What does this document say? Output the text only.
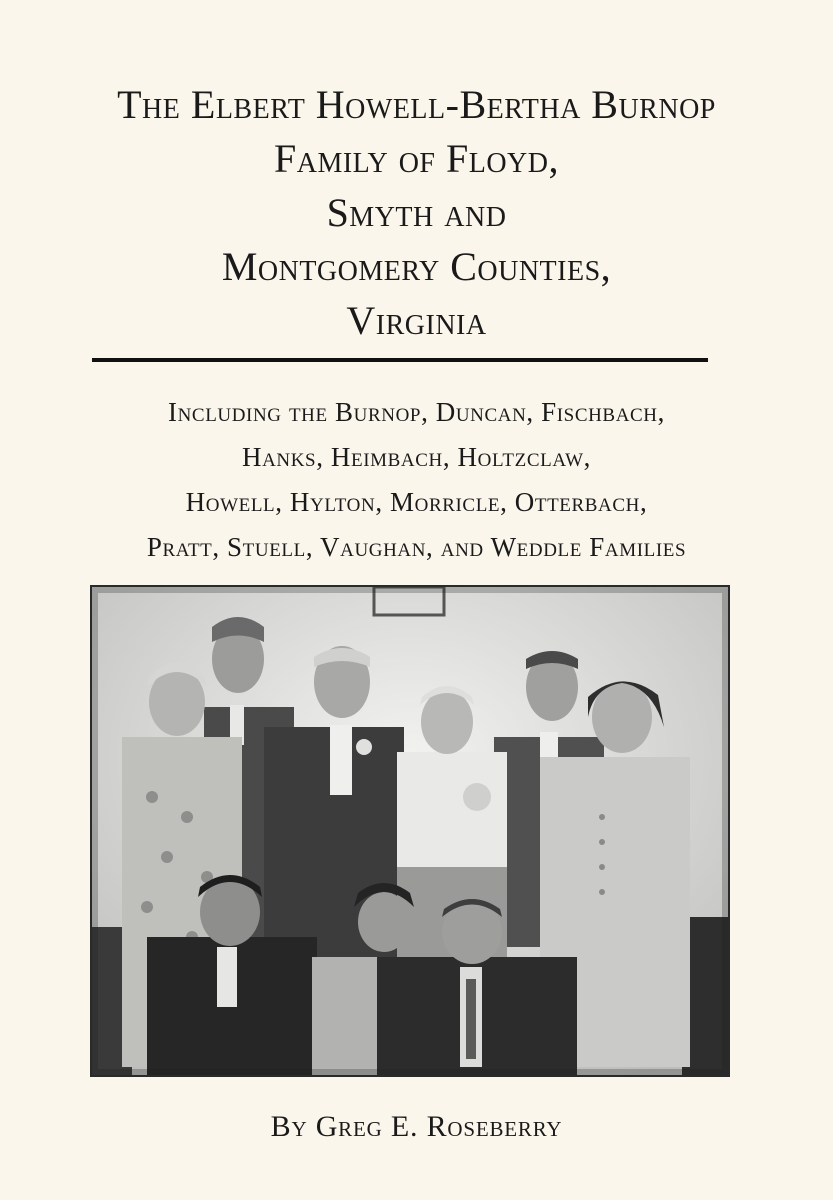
The Elbert Howell-Bertha Burnop
Family of Floyd,
Smyth and
Montgomery Counties,
Virginia
Including the Burnop, Duncan, Fischbach,
Hanks, Heimbach, Holtzclaw,
Howell, Hylton, Morricle, Otterbach,
Pratt, Stuell, Vaughan, and Weddle Families

By Greg E. Roseberry
